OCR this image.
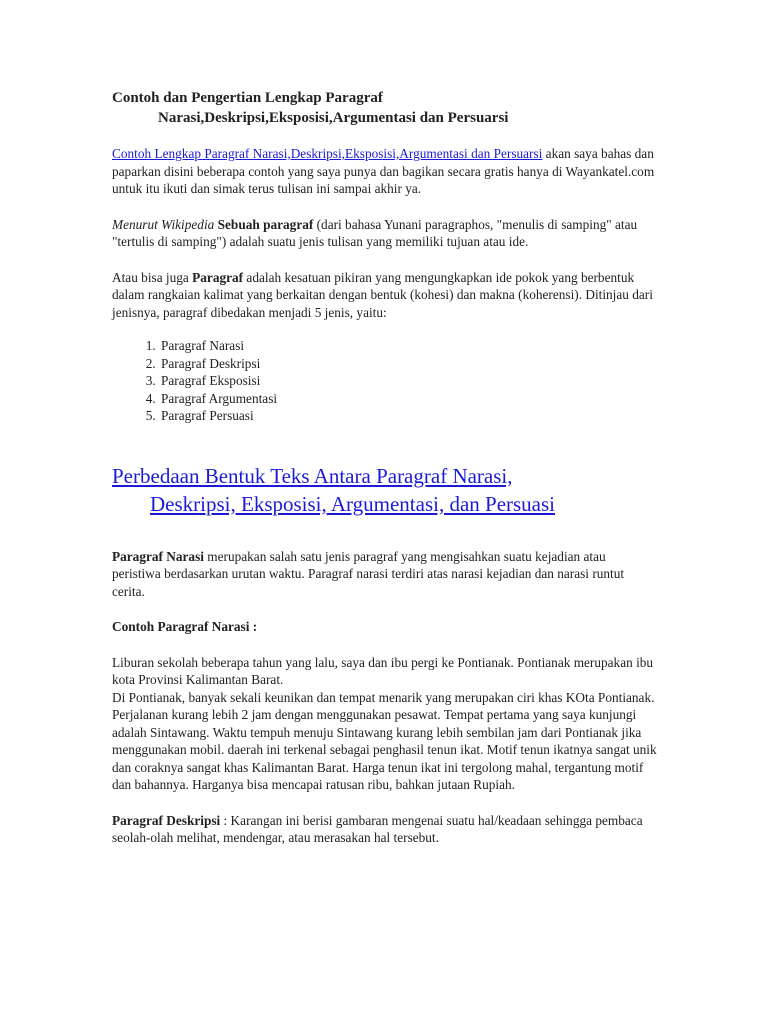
Contoh dan Pengertian Lengkap Paragraf

Narasi,Deskripsi,Eksposisi,Argumentasi dan Persuarsi

Contoh Lengkap Paragraf Narasi,Deskripsi,Eksposisi,Argumentasi dan Persuarsi akan saya bahas dan paparkan disini beberapa contoh yang saya punya dan bagikan secara gratis hanya di Wayankatel.com untuk itu ikuti dan simak terus tulisan ini sampai akhir ya.

Menurut Wikipedia Sebuah paragraf (dari bahasa Yunani paragraphos, "menulis di samping" atau "tertulis di samping") adalah suatu jenis tulisan yang memiliki tujuan atau ide.

Atau bisa juga Paragraf adalah kesatuan pikiran yang mengungkapkan ide pokok yang berbentuk dalam rangkaian kalimat yang berkaitan dengan bentuk (kohesi) dan makna (koherensi). Ditinjau dari jenisnya, paragraf dibedakan menjadi 5 jenis, yaitu:

1. Paragraf Narasi
2. Paragraf Deskripsi
3. Paragraf Eksposisi
4. Paragraf Argumentasi
5. Paragraf Persuasi
Perbedaan Bentuk Teks Antara Paragraf Narasi,
Deskripsi, Eksposisi, Argumentasi, dan Persuasi

Paragraf Narasi merupakan salah satu jenis paragraf yang mengisahkan suatu kejadian atau peristiwa berdasarkan urutan waktu. Paragraf narasi terdiri atas narasi kejadian dan narasi runtut cerita.

Contoh Paragraf Narasi :

Liburan sekolah beberapa tahun yang lalu, saya dan ibu pergi ke Pontianak. Pontianak merupakan ibu kota Provinsi Kalimantan Barat.
Di Pontianak, banyak sekali keunikan dan tempat menarik yang merupakan ciri khas KOta Pontianak. Perjalanan kurang lebih 2 jam dengan menggunakan pesawat. Tempat pertama yang saya kunjungi adalah Sintawang. Waktu tempuh menuju Sintawang kurang lebih sembilan jam dari Pontianak jika menggunakan mobil. daerah ini terkenal sebagai penghasil tenun ikat. Motif tenun ikatnya sangat unik dan coraknya sangat khas Kalimantan Barat. Harga tenun ikat ini tergolong mahal, tergantung motif dan bahannya. Harganya bisa mencapai ratusan ribu, bahkan jutaan Rupiah.

Paragraf Deskripsi : Karangan ini berisi gambaran mengenai suatu hal/keadaan sehingga pembaca seolah-olah melihat, mendengar, atau merasakan hal tersebut.
